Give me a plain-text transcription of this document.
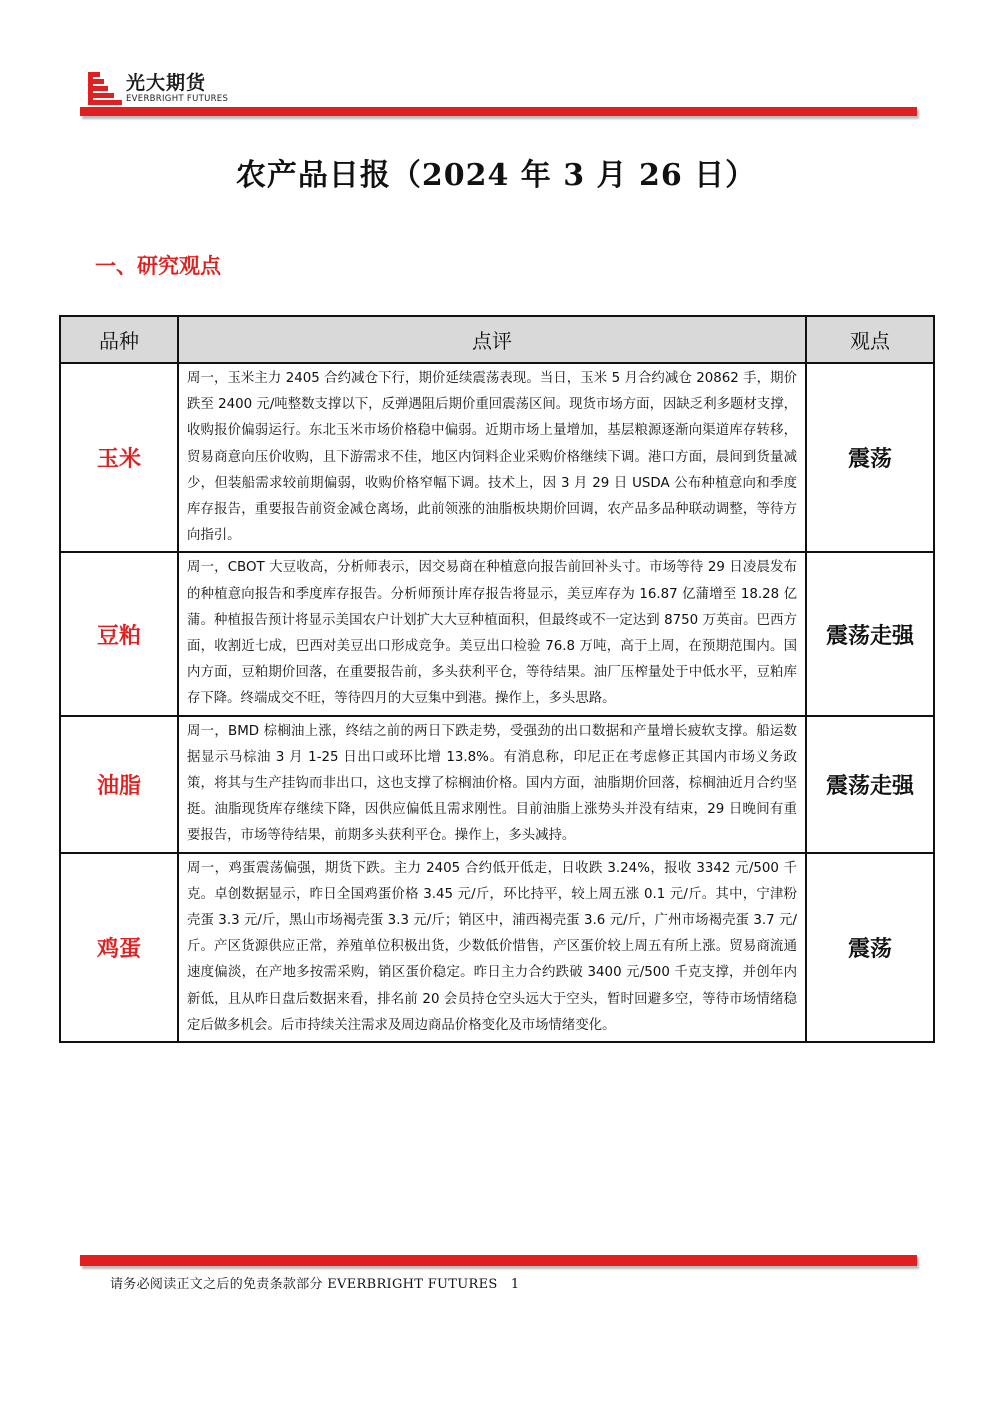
光大期货
EVERBRIGHT FUTURES
农产品日报（2024 年 3 月 26 日）
一、研究观点
品种	点评	观点
玉米	周一，玉米主力 2405 合约减仓下行，期价延续震荡表现。当日，玉米 5 月合约减仓 20862 手，期价跌至 2400 元/吨整数支撑以下，反弹遇阻后期价重回震荡区间。现货市场方面，因缺乏利多题材支撑，收购报价偏弱运行。东北玉米市场价格稳中偏弱。近期市场上量增加，基层粮源逐渐向渠道库存转移，贸易商意向压价收购，且下游需求不佳，地区内饲料企业采购价格继续下调。港口方面，晨间到货量减少，但装船需求较前期偏弱，收购价格窄幅下调。技术上，因 3 月 29 日 USDA 公布种植意向和季度库存报告，重要报告前资金减仓离场，此前领涨的油脂板块期价回调，农产品多品种联动调整，等待方向指引。	震荡
豆粕	周一，CBOT 大豆收高，分析师表示，因交易商在种植意向报告前回补头寸。市场等待 29 日凌晨发布的种植意向报告和季度库存报告。分析师预计库存报告将显示，美豆库存为 16.87 亿蒲增至 18.28 亿蒲。种植报告预计将显示美国农户计划扩大大豆种植面积，但最终或不一定达到 8750 万英亩。巴西方面，收割近七成，巴西对美豆出口形成竞争。美豆出口检验 76.8 万吨，高于上周，在预期范围内。国内方面，豆粕期价回落，在重要报告前，多头获利平仓，等待结果。油厂压榨量处于中低水平，豆粕库存下降。终端成交不旺，等待四月的大豆集中到港。操作上，多头思路。	震荡走强
油脂	周一，BMD 棕榈油上涨，终结之前的两日下跌走势，受强劲的出口数据和产量增长疲软支撑。船运数据显示马棕油 3 月 1-25 日出口或环比增 13.8%。有消息称，印尼正在考虑修正其国内市场义务政策，将其与生产挂钩而非出口，这也支撑了棕榈油价格。国内方面，油脂期价回落，棕榈油近月合约坚挺。油脂现货库存继续下降，因供应偏低且需求刚性。目前油脂上涨势头并没有结束，29 日晚间有重要报告，市场等待结果，前期多头获利平仓。操作上，多头减持。	震荡走强
鸡蛋	周一，鸡蛋震荡偏强，期货下跌。主力 2405 合约低开低走，日收跌 3.24%，报收 3342 元/500 千克。卓创数据显示，昨日全国鸡蛋价格 3.45 元/斤，环比持平，较上周五涨 0.1 元/斤。其中，宁津粉壳蛋 3.3 元/斤，黑山市场褐壳蛋 3.3 元/斤；销区中，浦西褐壳蛋 3.6 元/斤，广州市场褐壳蛋 3.7 元/斤。产区货源供应正常，养殖单位积极出货，少数低价惜售，产区蛋价较上周五有所上涨。贸易商流通速度偏淡，在产地多按需采购，销区蛋价稳定。昨日主力合约跌破 3400 元/500 千克支撑，并创年内新低，且从昨日盘后数据来看，排名前 20 会员持仓空头远大于空头，暂时回避多空，等待市场情绪稳定后做多机会。后市持续关注需求及周边商品价格变化及市场情绪变化。	震荡
请务必阅读正文之后的免责条款部分 EVERBRIGHT FUTURES 1
